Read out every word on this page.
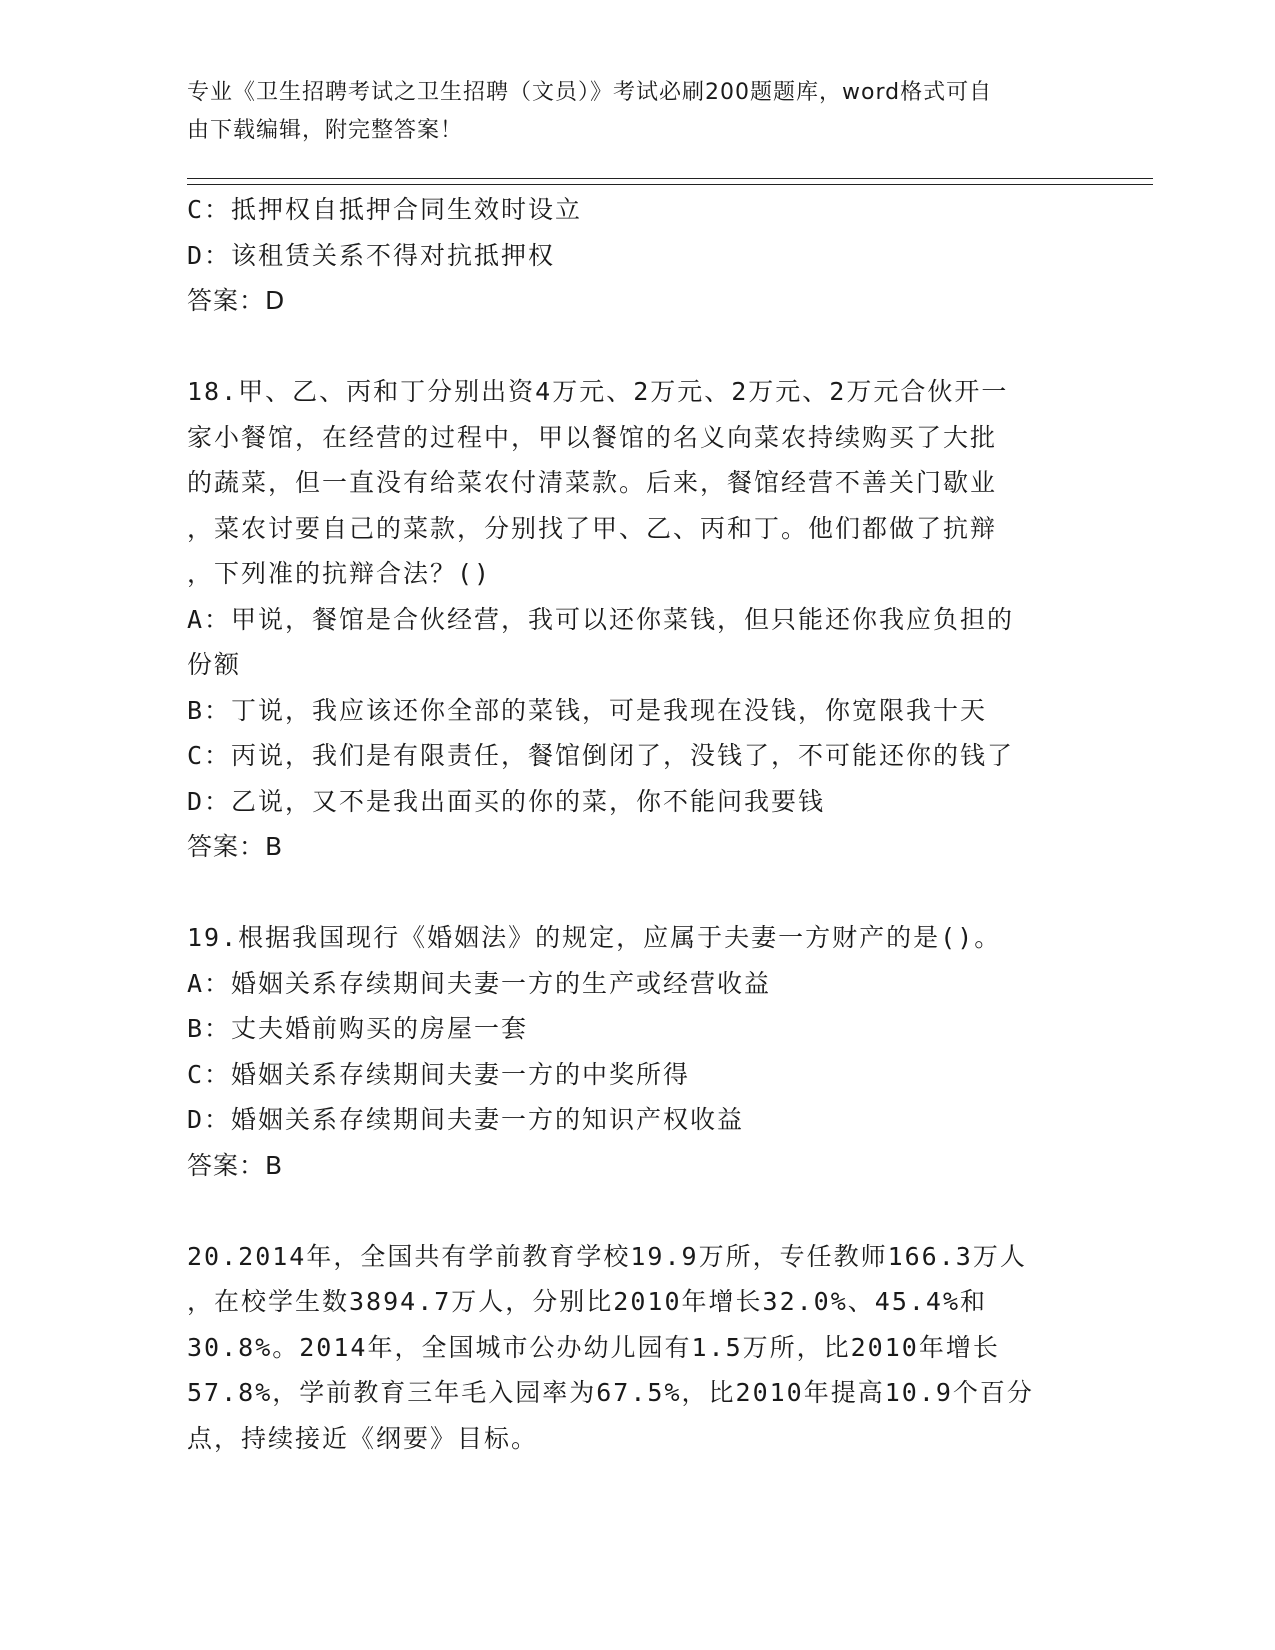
专业《卫生招聘考试之卫生招聘（文员）》考试必刷200题题库，word格式可自
由下载编辑，附完整答案！
C：抵押权自抵押合同生效时设立
D：该租赁关系不得对抗抵押权
答案：D
18.甲、乙、丙和丁分别出资4万元、2万元、2万元、2万元合伙开一
家小餐馆，在经营的过程中，甲以餐馆的名义向菜农持续购买了大批
的蔬菜，但一直没有给菜农付清菜款。后来，餐馆经营不善关门歇业
，菜农讨要自己的菜款，分别找了甲、乙、丙和丁。他们都做了抗辩
，下列准的抗辩合法？()
A：甲说，餐馆是合伙经营，我可以还你菜钱，但只能还你我应负担的
份额
B：丁说，我应该还你全部的菜钱，可是我现在没钱，你宽限我十天
C：丙说，我们是有限责任，餐馆倒闭了，没钱了，不可能还你的钱了
D：乙说，又不是我出面买的你的菜，你不能问我要钱
答案：B
19.根据我国现行《婚姻法》的规定，应属于夫妻一方财产的是()。
A：婚姻关系存续期间夫妻一方的生产或经营收益
B：丈夫婚前购买的房屋一套
C：婚姻关系存续期间夫妻一方的中奖所得
D：婚姻关系存续期间夫妻一方的知识产权收益
答案：B
20.2014年，全国共有学前教育学校19.9万所，专任教师166.3万人
，在校学生数3894.7万人，分别比2010年增长32.0%、45.4%和
30.8%。2014年，全国城市公办幼儿园有1.5万所，比2010年增长
57.8%，学前教育三年毛入园率为67.5%，比2010年提高10.9个百分
点，持续接近《纲要》目标。
